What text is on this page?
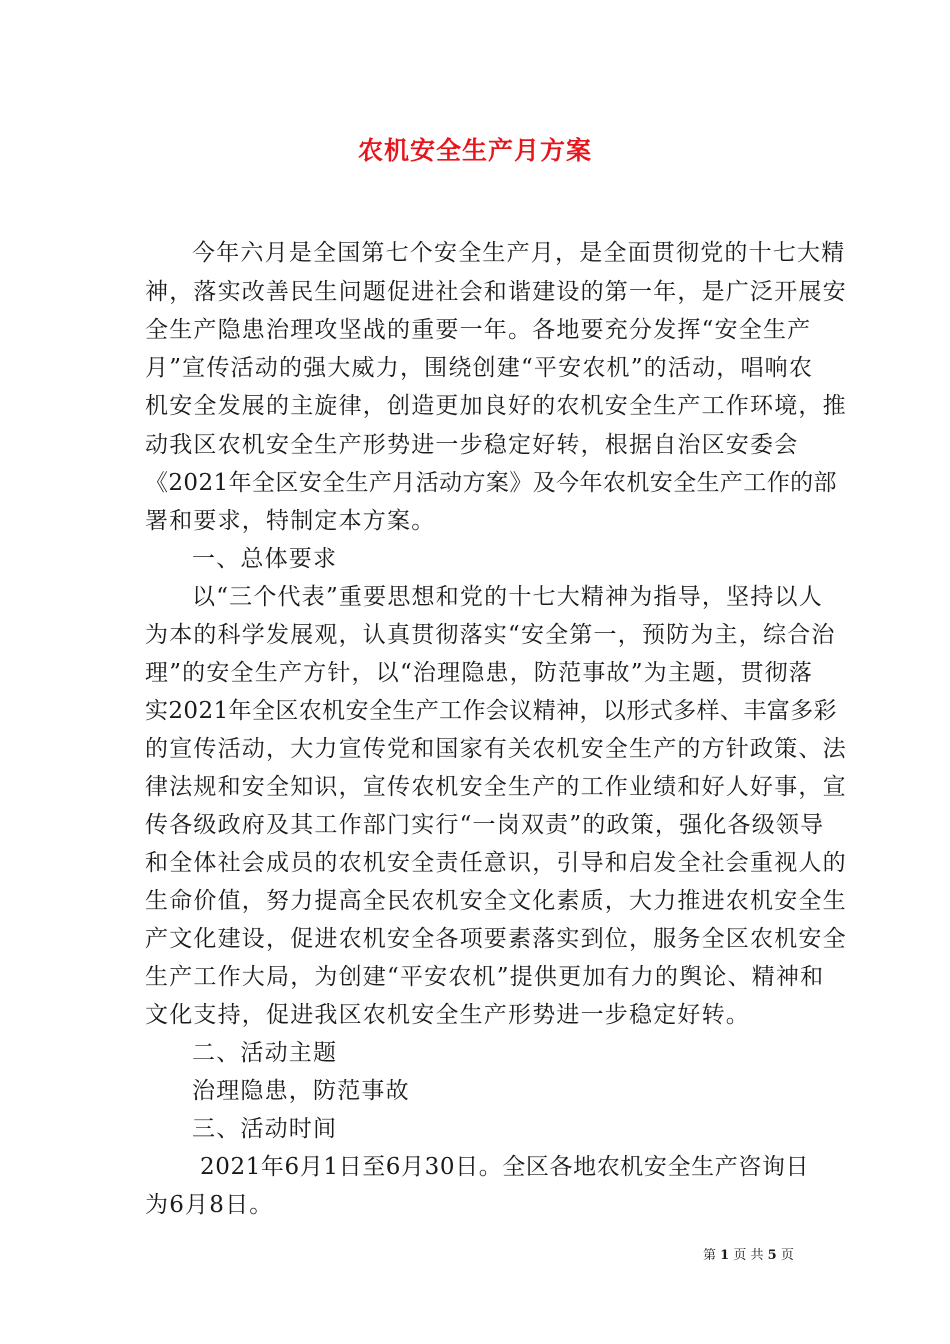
农机安全生产月方案
今年六月是全国第七个安全生产月，是全面贯彻党的十七大精
神，落实改善民生问题促进社会和谐建设的第一年，是广泛开展安
全生产隐患治理攻坚战的重要一年。各地要充分发挥“安全生产
月”宣传活动的强大威力，围绕创建“平安农机”的活动，唱响农
机安全发展的主旋律，创造更加良好的农机安全生产工作环境，推
动我区农机安全生产形势进一步稳定好转，根据自治区安委会
《2021年全区安全生产月活动方案》及今年农机安全生产工作的部
署和要求，特制定本方案。
一、总体要求
以“三个代表”重要思想和党的十七大精神为指导，坚持以人
为本的科学发展观，认真贯彻落实“安全第一，预防为主，综合治
理”的安全生产方针，以“治理隐患，防范事故”为主题，贯彻落
实2021年全区农机安全生产工作会议精神，以形式多样、丰富多彩
的宣传活动，大力宣传党和国家有关农机安全生产的方针政策、法
律法规和安全知识，宣传农机安全生产的工作业绩和好人好事，宣
传各级政府及其工作部门实行“一岗双责”的政策，强化各级领导
和全体社会成员的农机安全责任意识，引导和启发全社会重视人的
生命价值，努力提高全民农机安全文化素质，大力推进农机安全生
产文化建设，促进农机安全各项要素落实到位，服务全区农机安全
生产工作大局，为创建“平安农机”提供更加有力的舆论、精神和
文化支持，促进我区农机安全生产形势进一步稳定好转。
二、活动主题
治理隐患，防范事故
三、活动时间
2021年6月1日至6月30日。全区各地农机安全生产咨询日
为6月8日。
第 1 页 共 5 页
